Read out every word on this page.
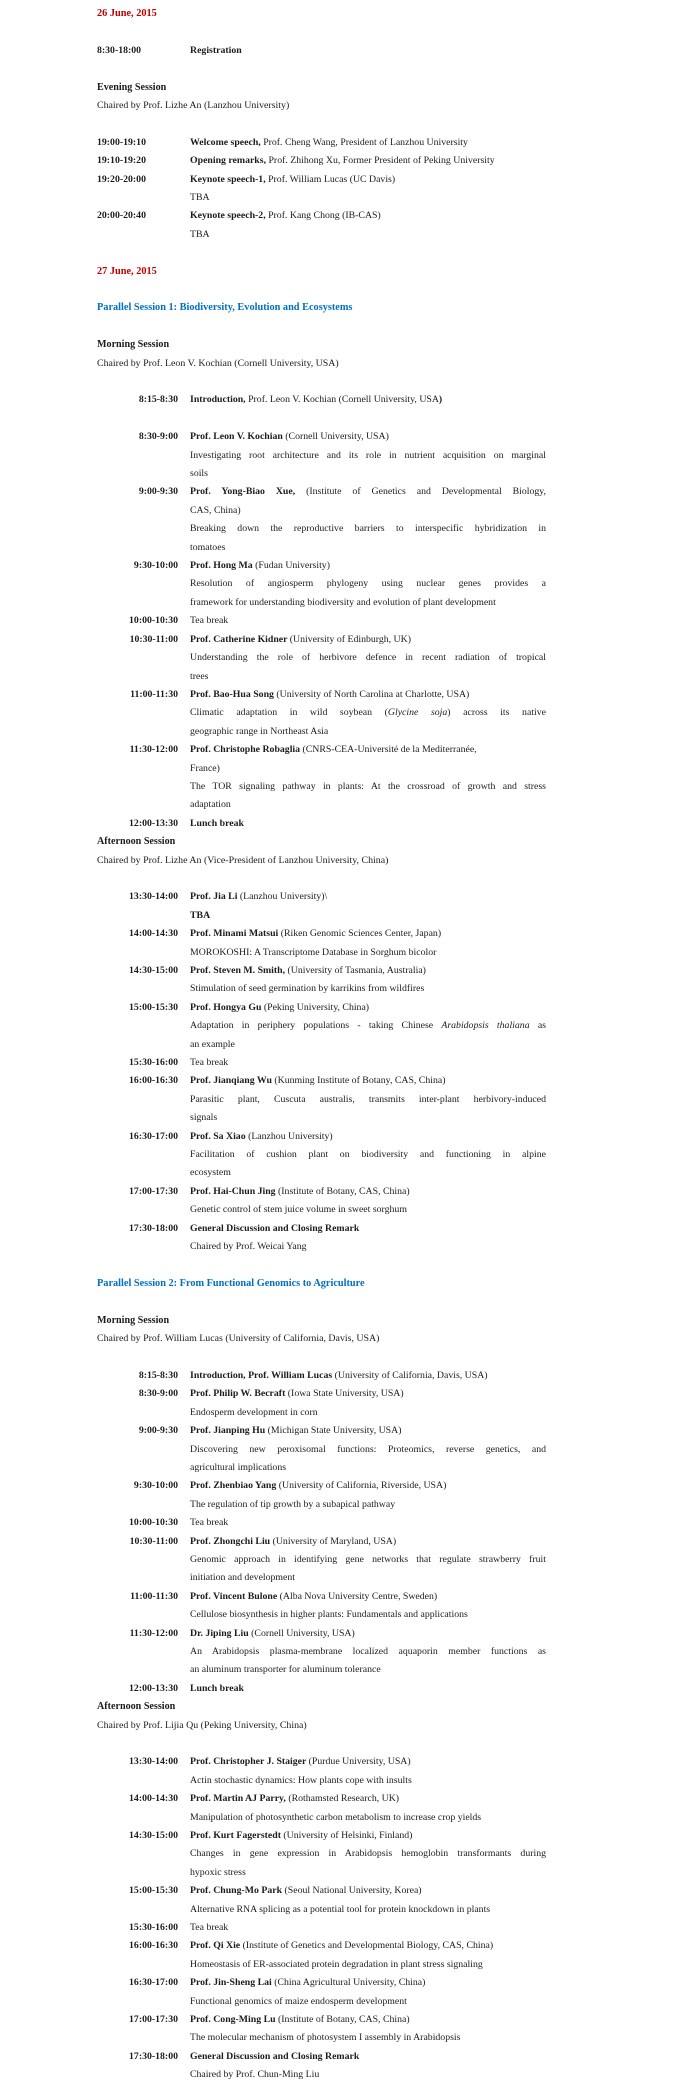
26 June, 2015
8:30-18:00	Registration
Evening Session
Chaired by Prof. Lizhe An (Lanzhou University)
19:00-19:10	Welcome speech, Prof. Cheng Wang, President of Lanzhou University
19:10-19:20	Opening remarks, Prof. Zhihong Xu, Former President of Peking University
19:20-20:00	Keynote speech-1, Prof. William Lucas (UC Davis)
TBA
20:00-20:40	Keynote speech-2, Prof. Kang Chong (IB-CAS)
TBA
27 June, 2015
Parallel Session 1: Biodiversity, Evolution and Ecosystems
Morning Session
Chaired by Prof. Leon V. Kochian (Cornell University, USA)
8:15-8:30 Introduction, Prof. Leon V. Kochian (Cornell University, USA)
8:30-9:00 Prof. Leon V. Kochian (Cornell University, USA)
Investigating root architecture and its role in nutrient acquisition on marginal
soils
9:00-9:30 Prof. Yong-Biao Xue, (Institute of Genetics and Developmental Biology,
CAS, China)
Breaking down the reproductive barriers to interspecific hybridization in
tomatoes
9:30-10:00 Prof. Hong Ma (Fudan University)
Resolution of angiosperm phylogeny using nuclear genes provides a
framework for understanding biodiversity and evolution of plant development
10:00-10:30 Tea break
10:30-11:00 Prof. Catherine Kidner (University of Edinburgh, UK)
Understanding the role of herbivore defence in recent radiation of tropical
trees
11:00-11:30 Prof. Bao-Hua Song (University of North Carolina at Charlotte, USA)
Climatic adaptation in wild soybean (Glycine soja) across its native
geographic range in Northeast Asia
11:30-12:00 Prof. Christophe Robaglia (CNRS-CEA-Université de la Mediterranée,
France)
The TOR signaling pathway in plants: At the crossroad of growth and stress
adaptation
12:00-13:30 Lunch break
Afternoon Session
Chaired by Prof. Lizhe An (Vice-President of Lanzhou University, China)
13:30-14:00 Prof. Jia Li (Lanzhou University)\
TBA
14:00-14:30 Prof. Minami Matsui (Riken Genomic Sciences Center, Japan)
MOROKOSHI: A Transcriptome Database in Sorghum bicolor
14:30-15:00 Prof. Steven M. Smith, (University of Tasmania, Australia)
Stimulation of seed germination by karrikins from wildfires
15:00-15:30 Prof. Hongya Gu (Peking University, China)
Adaptation in periphery populations - taking Chinese Arabidopsis thaliana as
an example
15:30-16:00 Tea break
16:00-16:30 Prof. Jianqiang Wu (Kunming Institute of Botany, CAS, China)
Parasitic plant, Cuscuta australis, transmits inter-plant herbivory-induced
signals
16:30-17:00 Prof. Sa Xiao (Lanzhou University)
Facilitation of cushion plant on biodiversity and functioning in alpine
ecosystem
17:00-17:30 Prof. Hai-Chun Jing (Institute of Botany, CAS, China)
Genetic control of stem juice volume in sweet sorghum
17:30-18:00 General Discussion and Closing Remark
Chaired by Prof. Weicai Yang
Parallel Session 2: From Functional Genomics to Agriculture
Morning Session
Chaired by Prof. William Lucas (University of California, Davis, USA)
8:15-8:30 Introduction, Prof. William Lucas (University of California, Davis, USA)
8:30-9:00 Prof. Philip W. Becraft (Iowa State University, USA)
Endosperm development in corn
9:00-9:30 Prof. Jianping Hu (Michigan State University, USA)
Discovering new peroxisomal functions: Proteomics, reverse genetics, and
agricultural implications
9:30-10:00 Prof. Zhenbiao Yang (University of California, Riverside, USA)
The regulation of tip growth by a subapical pathway
10:00-10:30 Tea break
10:30-11:00 Prof. Zhongchi Liu (University of Maryland, USA)
Genomic approach in identifying gene networks that regulate strawberry fruit
initiation and development
11:00-11:30 Prof. Vincent Bulone (Alba Nova University Centre, Sweden)
Cellulose biosynthesis in higher plants: Fundamentals and applications
11:30-12:00 Dr. Jiping Liu (Cornell University, USA)
An Arabidopsis plasma-membrane localized aquaporin member functions as
an aluminum transporter for aluminum tolerance
12:00-13:30 Lunch break
Afternoon Session
Chaired by Prof. Lijia Qu (Peking University, China)
13:30-14:00 Prof. Christopher J. Staiger (Purdue University, USA)
Actin stochastic dynamics: How plants cope with insults
14:00-14:30 Prof. Martin AJ Parry, (Rothamsted Research, UK)
Manipulation of photosynthetic carbon metabolism to increase crop yields
14:30-15:00 Prof. Kurt Fagerstedt (University of Helsinki, Finland)
Changes in gene expression in Arabidopsis hemoglobin transformants during
hypoxic stress
15:00-15:30 Prof. Chung-Mo Park (Seoul National University, Korea)
Alternative RNA splicing as a potential tool for protein knockdown in plants
15:30-16:00 Tea break
16:00-16:30 Prof. Qi Xie (Institute of Genetics and Developmental Biology, CAS, China)
Homeostasis of ER-associated protein degradation in plant stress signaling
16:30-17:00 Prof. Jin-Sheng Lai (China Agricultural University, China)
Functional genomics of maize endosperm development
17:00-17:30 Prof. Cong-Ming Lu (Institute of Botany, CAS, China)
The molecular mechanism of photosystem I assembly in Arabidopsis
17:30-18:00 General Discussion and Closing Remark
Chaired by Prof. Chun-Ming Liu
